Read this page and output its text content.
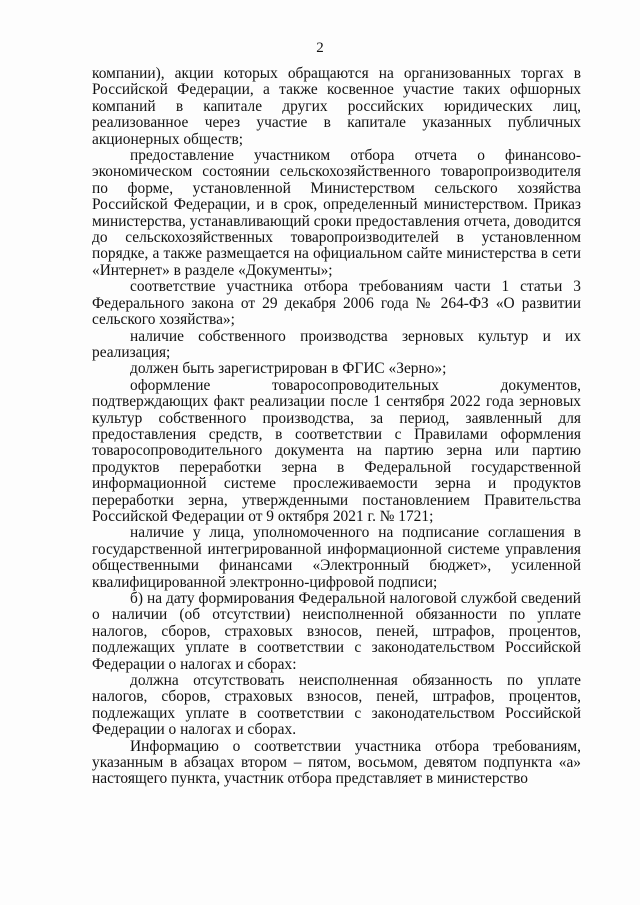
2

компании), акции которых обращаются на организованных торгах в Российской Федерации, а также косвенное участие таких офшорных компаний в капитале других российских юридических лиц, реализованное через участие в капитале указанных публичных акционерных обществ;

предоставление участником отбора отчета о финансово-экономическом состоянии сельскохозяйственного товаропроизводителя по форме, установленной Министерством сельского хозяйства Российской Федерации, и в срок, определенный министерством. Приказ министерства, устанавливающий сроки предоставления отчета, доводится до сельскохозяйственных товаропроизводителей в установленном порядке, а также размещается на официальном сайте министерства в сети «Интернет» в разделе «Документы»;

соответствие участника отбора требованиям части 1 статьи 3 Федерального закона от 29 декабря 2006 года № 264-ФЗ «О развитии сельского хозяйства»;

наличие собственного производства зерновых культур и их реализация;

должен быть зарегистрирован в ФГИС «Зерно»;

оформление товаросопроводительных документов, подтверждающих факт реализации после 1 сентября 2022 года зерновых культур собственного производства, за период, заявленный для предоставления средств, в соответствии с Правилами оформления товаросопроводительного документа на партию зерна или партию продуктов переработки зерна в Федеральной государственной информационной системе прослеживаемости зерна и продуктов переработки зерна, утвержденными постановлением Правительства Российской Федерации от 9 октября 2021 г. № 1721;

наличие у лица, уполномоченного на подписание соглашения в государственной интегрированной информационной системе управления общественными финансами «Электронный бюджет», усиленной квалифицированной электронно-цифровой подписи;

б) на дату формирования Федеральной налоговой службой сведений о наличии (об отсутствии) неисполненной обязанности по уплате налогов, сборов, страховых взносов, пеней, штрафов, процентов, подлежащих уплате в соответствии с законодательством Российской Федерации о налогах и сборах:

должна отсутствовать неисполненная обязанность по уплате налогов, сборов, страховых взносов, пеней, штрафов, процентов, подлежащих уплате в соответствии с законодательством Российской Федерации о налогах и сборах.

Информацию о соответствии участника отбора требованиям, указанным в абзацах втором – пятом, восьмом, девятом подпункта «а» настоящего пункта, участник отбора представляет в министерство
